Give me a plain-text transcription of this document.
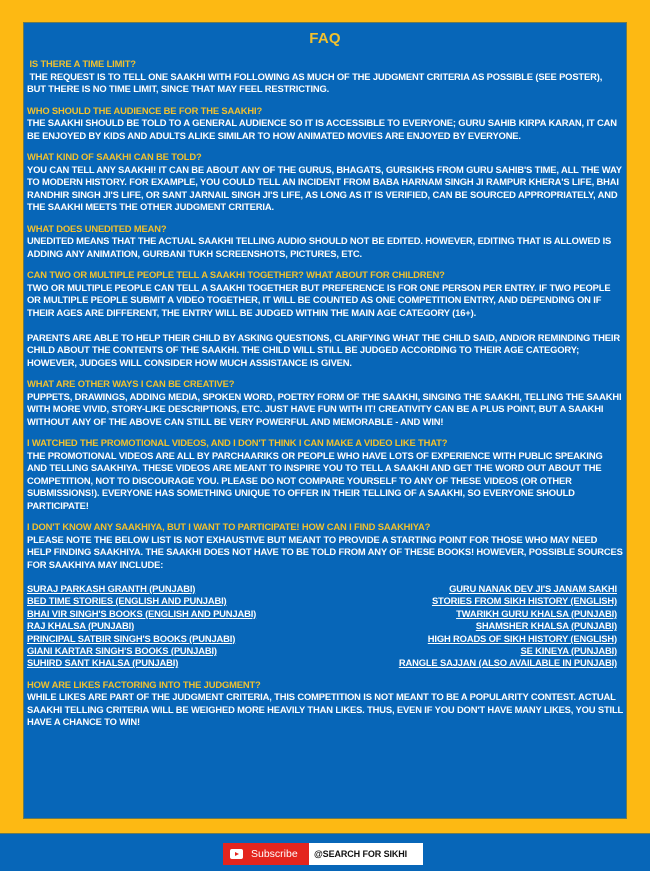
FAQ
IS THERE A TIME LIMIT?
THE REQUEST IS TO TELL ONE SAAKHI WITH FOLLOWING AS MUCH OF THE JUDGMENT CRITERIA AS POSSIBLE (SEE POSTER), BUT THERE IS NO TIME LIMIT, SINCE THAT MAY FEEL RESTRICTING.
WHO SHOULD THE AUDIENCE BE FOR THE SAAKHI?
THE SAAKHI SHOULD BE TOLD TO A GENERAL AUDIENCE SO IT IS ACCESSIBLE TO EVERYONE; GURU SAHIB KIRPA KARAN, IT CAN BE ENJOYED BY KIDS AND ADULTS ALIKE SIMILAR TO HOW ANIMATED MOVIES ARE ENJOYED BY EVERYONE.
WHAT KIND OF SAAKHI CAN BE TOLD?
YOU CAN TELL ANY SAAKHI! IT CAN BE ABOUT ANY OF THE GURUS, BHAGATS, GURSIKHS FROM GURU SAHIB'S TIME, ALL THE WAY TO MODERN HISTORY. FOR EXAMPLE, YOU COULD TELL AN INCIDENT FROM BABA HARNAM SINGH JI RAMPUR KHERA'S LIFE, BHAI RANDHIR SINGH JI'S LIFE, OR SANT JARNAIL SINGH JI'S LIFE, AS LONG AS IT IS VERIFIED, CAN BE SOURCED APPROPRIATELY, AND THE SAAKHI MEETS THE OTHER JUDGMENT CRITERIA.
WHAT DOES UNEDITED MEAN?
UNEDITED MEANS THAT THE ACTUAL SAAKHI TELLING AUDIO SHOULD NOT BE EDITED. HOWEVER, EDITING THAT IS ALLOWED IS ADDING ANY ANIMATION, GURBANI TUKH SCREENSHOTS, PICTURES, ETC.
CAN TWO OR MULTIPLE PEOPLE TELL A SAAKHI TOGETHER? WHAT ABOUT FOR CHILDREN?
TWO OR MULTIPLE PEOPLE CAN TELL A SAAKHI TOGETHER BUT PREFERENCE IS FOR ONE PERSON PER ENTRY. IF TWO PEOPLE OR MULTIPLE PEOPLE SUBMIT A VIDEO TOGETHER, IT WILL BE COUNTED AS ONE COMPETITION ENTRY, AND DEPENDING ON IF THEIR AGES ARE DIFFERENT, THE ENTRY WILL BE JUDGED WITHIN THE MAIN AGE CATEGORY (16+).
PARENTS ARE ABLE TO HELP THEIR CHILD BY ASKING QUESTIONS, CLARIFYING WHAT THE CHILD SAID, AND/OR REMINDING THEIR CHILD ABOUT THE CONTENTS OF THE SAAKHI. THE CHILD WILL STILL BE JUDGED ACCORDING TO THEIR AGE CATEGORY; HOWEVER, JUDGES WILL CONSIDER HOW MUCH ASSISTANCE IS GIVEN.
WHAT ARE OTHER WAYS I CAN BE CREATIVE?
PUPPETS, DRAWINGS, ADDING MEDIA, SPOKEN WORD, POETRY FORM OF THE SAAKHI, SINGING THE SAAKHI, TELLING THE SAAKHI WITH MORE VIVID, STORY-LIKE DESCRIPTIONS, ETC. JUST HAVE FUN WITH IT! CREATIVITY CAN BE A PLUS POINT, BUT A SAAKHI WITHOUT ANY OF THE ABOVE CAN STILL BE VERY POWERFUL AND MEMORABLE - AND WIN!
I WATCHED THE PROMOTIONAL VIDEOS, AND I DON'T THINK I CAN MAKE A VIDEO LIKE THAT?
THE PROMOTIONAL VIDEOS ARE ALL BY PARCHAARIKS OR PEOPLE WHO HAVE LOTS OF EXPERIENCE WITH PUBLIC SPEAKING AND TELLING SAAKHIYA. THESE VIDEOS ARE MEANT TO INSPIRE YOU TO TELL A SAAKHI AND GET THE WORD OUT ABOUT THE COMPETITION, NOT TO DISCOURAGE YOU. PLEASE DO NOT COMPARE YOURSELF TO ANY OF THESE VIDEOS (OR OTHER SUBMISSIONS!). EVERYONE HAS SOMETHING UNIQUE TO OFFER IN THEIR TELLING OF A SAAKHI, SO EVERYONE SHOULD PARTICIPATE!
I DON'T KNOW ANY SAAKHIYA, BUT I WANT TO PARTICIPATE! HOW CAN I FIND SAAKHIYA?
PLEASE NOTE THE BELOW LIST IS NOT EXHAUSTIVE BUT MEANT TO PROVIDE A STARTING POINT FOR THOSE WHO MAY NEED HELP FINDING SAAKHIYA. THE SAAKHI DOES NOT HAVE TO BE TOLD FROM ANY OF THESE BOOKS! HOWEVER, POSSIBLE SOURCES FOR SAAKHIYA MAY INCLUDE:
SURAJ PARKASH GRANTH (PUNJABI)
BED TIME STORIES (ENGLISH AND PUNJABI)
BHAI VIR SINGH'S BOOKS (ENGLISH AND PUNJABI)
RAJ KHALSA (PUNJABI)
PRINCIPAL SATBIR SINGH'S BOOKS (PUNJABI)
GIANI KARTAR SINGH'S BOOKS (PUNJABI)
SUHIRD SANT KHALSA (PUNJABI)
GURU NANAK DEV JI'S JANAM SAKHI
STORIES FROM SIKH HISTORY (ENGLISH)
TWARIKH GURU KHALSA (PUNJABI)
SHAMSHER KHALSA (PUNJABI)
HIGH ROADS OF SIKH HISTORY (ENGLISH)
SE KINEYA (PUNJABI)
RANGLE SAJJAN (ALSO AVAILABLE IN PUNJABI)
HOW ARE LIKES FACTORING INTO THE JUDGMENT?
WHILE LIKES ARE PART OF THE JUDGMENT CRITERIA, THIS COMPETITION IS NOT MEANT TO BE A POPULARITY CONTEST. ACTUAL SAAKHI TELLING CRITERIA WILL BE WEIGHED MORE HEAVILY THAN LIKES. THUS, EVEN IF YOU DON'T HAVE MANY LIKES, YOU STILL HAVE A CHANCE TO WIN!
Subscribe	@SEARCH FOR SIKHI
